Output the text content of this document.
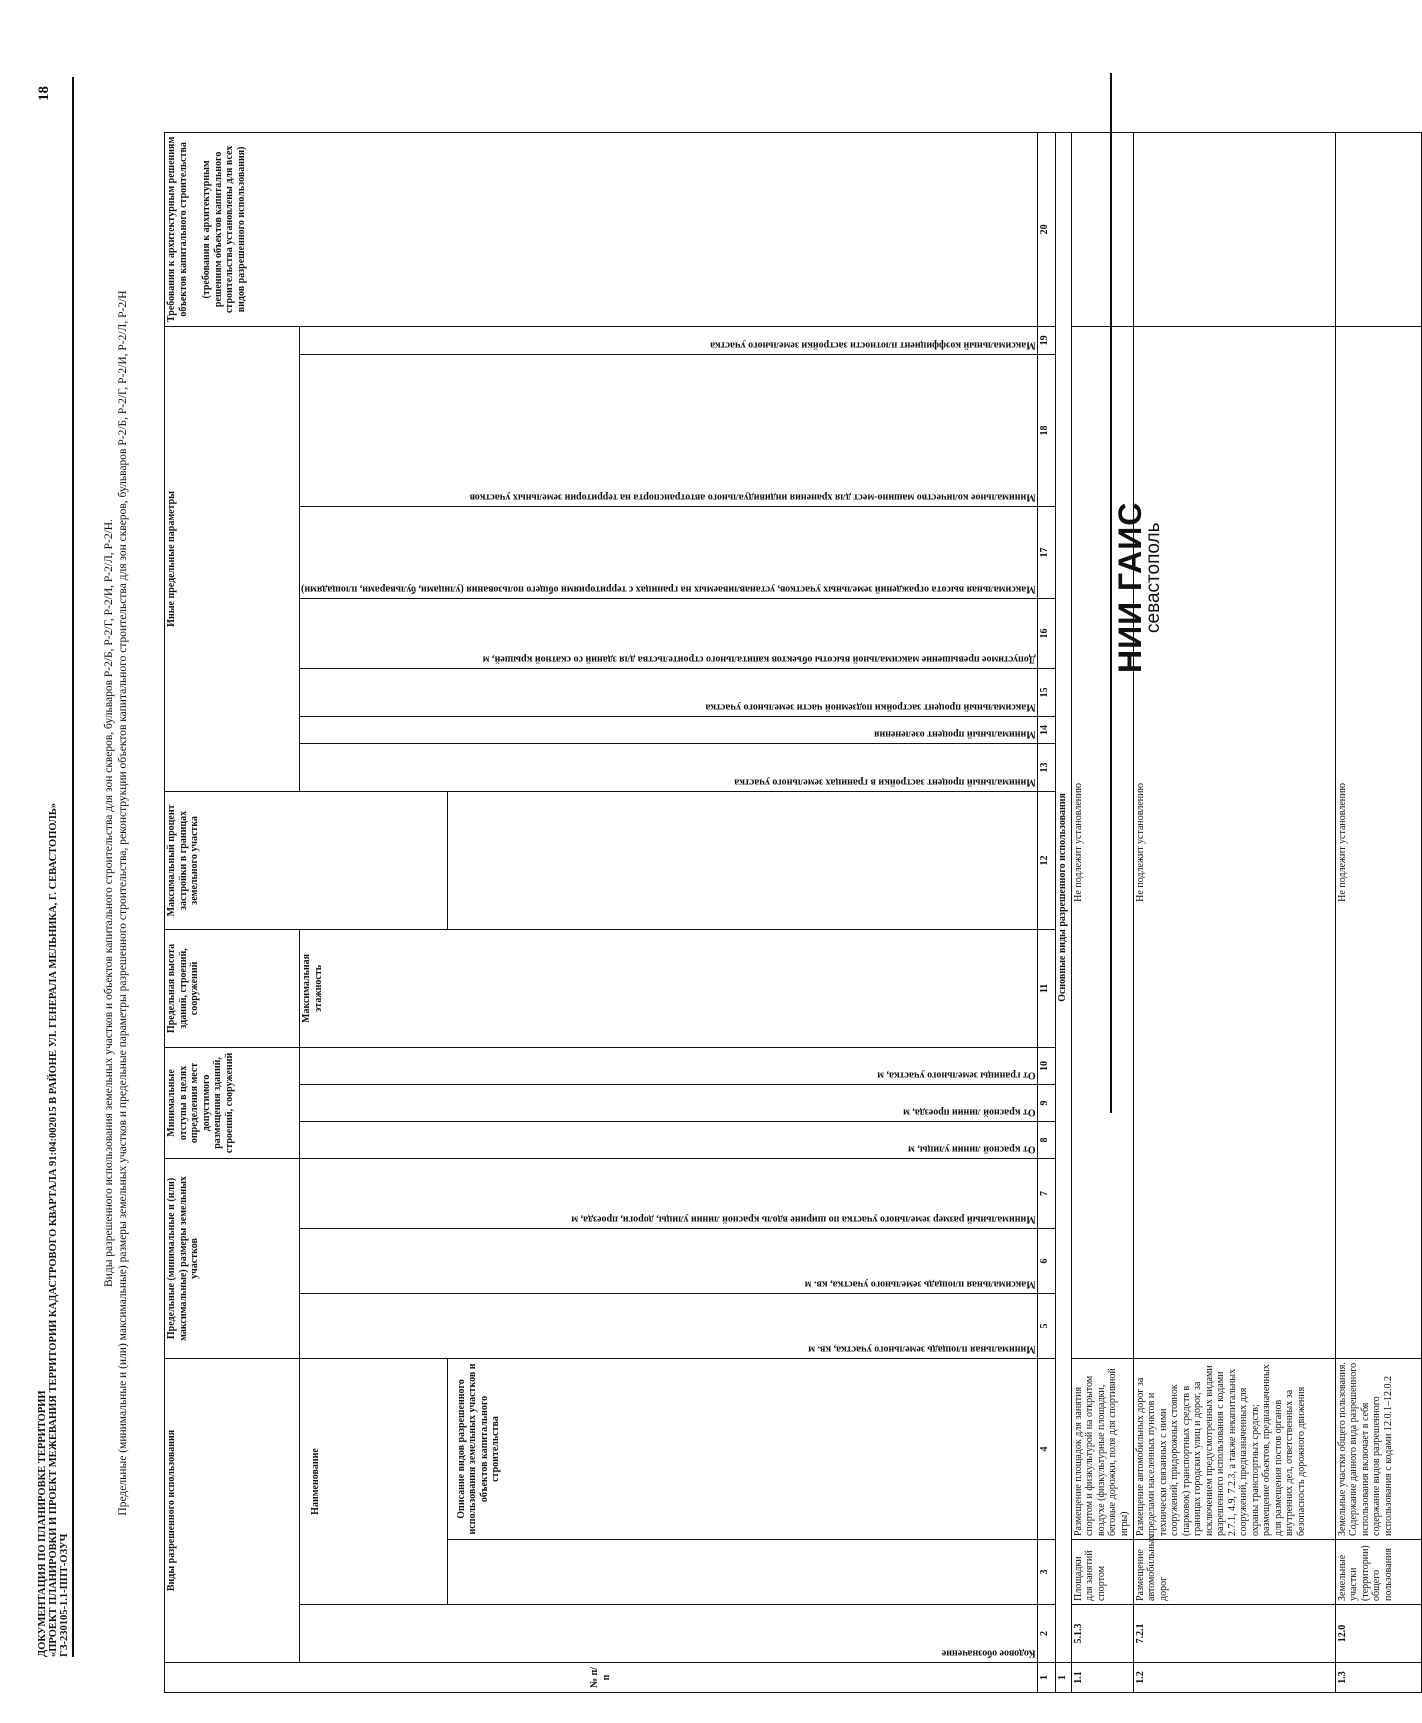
ДОКУМЕНТАЦИЯ ПО ПЛАНИРОВКЕ ТЕРРИТОРИИ «ПРОЕКТ ПЛАНИРОВКИ И ПРОЕКТ МЕЖЕВАНИЯ ТЕРРИТОРИИ КАДАСТРОВОГО КВАРТАЛА 91:04:002015 В РАЙОНЕ УЛ. ГЕНЕРАЛА МЕЛЬНИКА, Г. СЕВАСТОПОЛЬ» ГЗ-230105-1.1-ППТ-ОЗУЧ
18
Виды разрешенного использования земельных участков и объектов капитального строительства для зон скверов, бульваров Р-2/Б, Р-2/Г, Р-2/И, Р-2/Л, Р-2/Н. Предельные (минимальные и (или) максимальные) размеры земельных участков и предельные параметры разрешенного строительства, реконструкции объектов капитального строительства для зон скверов, бульваров Р-2/Б, Р-2/Г, Р-2/И, Р-2/Л, Р-2/Н
№ п/п	Виды разрешенного использования			Предельные (минимальные и (или) максимальные) размеры земельных участков			Минимальные отступы в целях определения мест допустимого размещения зданий, строений, сооружений			Предельная высота зданий, строений, сооружений	Максимальный процент застройки в границах земельного участка	Иные предельные параметры							Требования к архитектурным решениям объектов капитального строительства (требования к архитектурным решениям объектов капитального строительства установлены для всех видов разрешенного использования)

	Кодовое обозначение	Наименование		Минимальная площадь земельного участка, кв. м	Максимальная площадь земельного участка, кв. м	Минимальный размер земельного участка по ширине вдоль красной линии улицы, дороги, проезда, м	От красной линии улицы, м	От красной линии проезда, м	От границы земельного участка, м	Максимальная этажность		Минимальный процент застройки в границах земельного участка	Минимальный процент озеленения	Максимальный процент застройки подземной части земельного участка	Допустимое превышение максимальной высоты объектов капитального строительства для зданий со скатной крышей, м	Максимальная высота ограждений земельных участков, устанавливаемых на границах с территориями общего пользования (улицами, бульварами, площадями)	Минимальное количество машино-мест для хранения индивидуального автотранспорта на территории земельных участков	Максимальный коэффициент плотности застройки земельного участка	
			Описание видов разрешенного использования земельных участков и объектов капитального строительства																
1	2	3	4	5	6	7	8	9	10	11	12	13	14	15	16	17	18	19	20
1	Основные виды разрешенного использования																		
1.1	5.1.3	Площадки для занятий спортом	Размещение площадок для занятия спортом и физкультурой на открытом воздухе (физкультурные площадки, беговые дорожки, поля для спортивной игры)	Не подлежит установлению															
1.2	7.2.1	Размещение автомобильных дорог	Размещение автомобильных дорог за пределами населенных пунктов и технически связанных с ними сооружений, придорожных стоянок (парковок) транспортных средств в границах городских улиц и дорог, за исключением предусмотренных видами разрешенного использования с кодами 2.7.1, 4.9, 7.2.3, а также некапитальных сооружений, предназначенных для охраны транспортных средств; размещение объектов, предназначенных для размещения постов органов внутренних дел, ответственных за безопасность дорожного движения	Не подлежит установлению															
1.3	12.0	Земельные участки (территории) общего пользования	Земельные участки общего пользования. Содержание данного вида разрешенного использования включает в себя содержание видов разрешенного использования с кодами 12.0.1–12.0.2	Не подлежит установлению															
НИИ ГАИС
севастополь
